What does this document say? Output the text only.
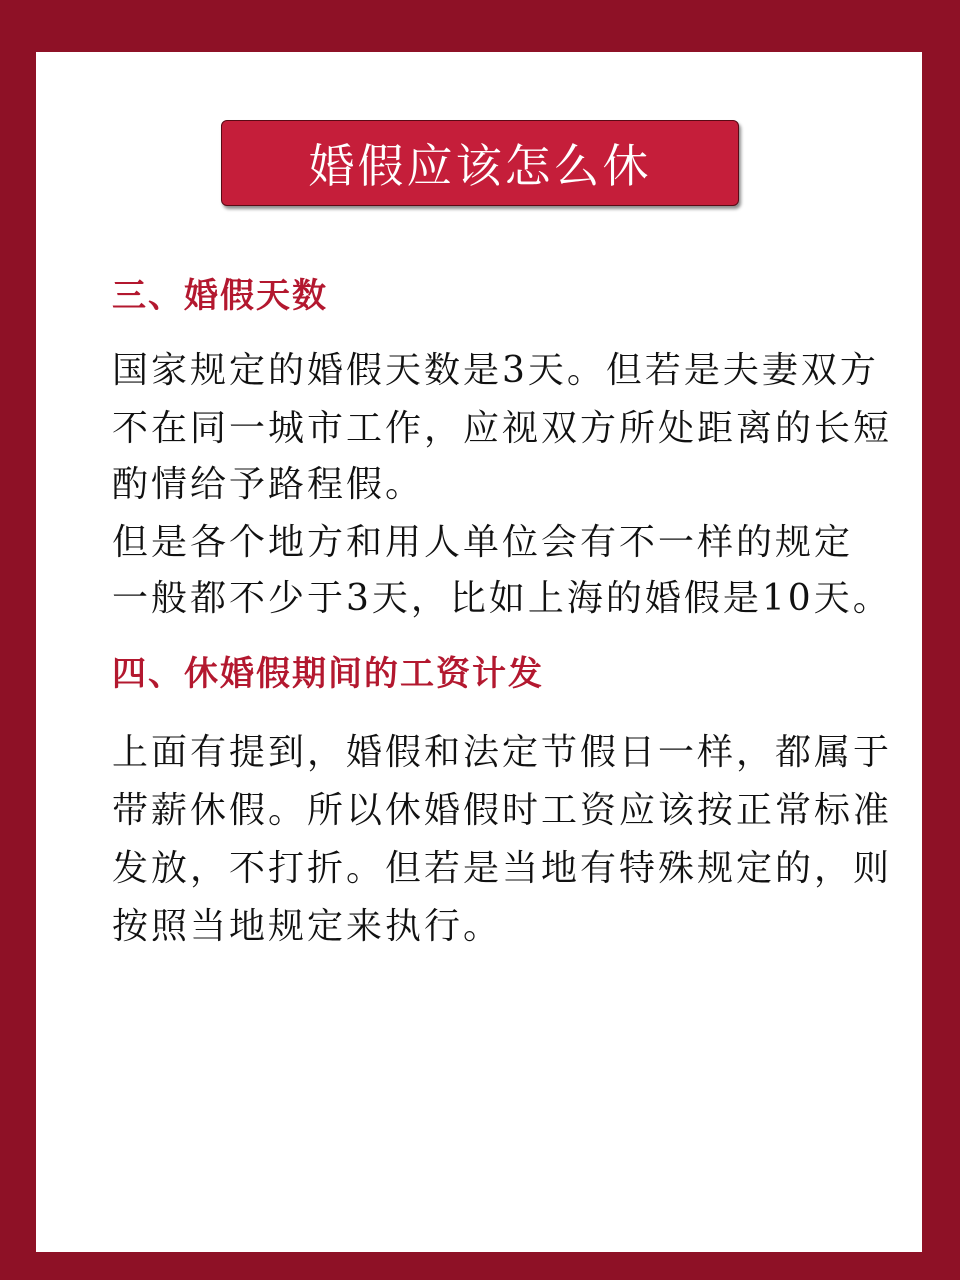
婚假应该怎么休
三、婚假天数
国家规定的婚假天数是3天。但若是夫妻双方
不在同一城市工作，应视双方所处距离的长短
酌情给予路程假。
但是各个地方和用人单位会有不一样的规定
一般都不少于3天，比如上海的婚假是10天。
四、休婚假期间的工资计发
上面有提到，婚假和法定节假日一样，都属于
带薪休假。所以休婚假时工资应该按正常标准
发放，不打折。但若是当地有特殊规定的，则
按照当地规定来执行。
